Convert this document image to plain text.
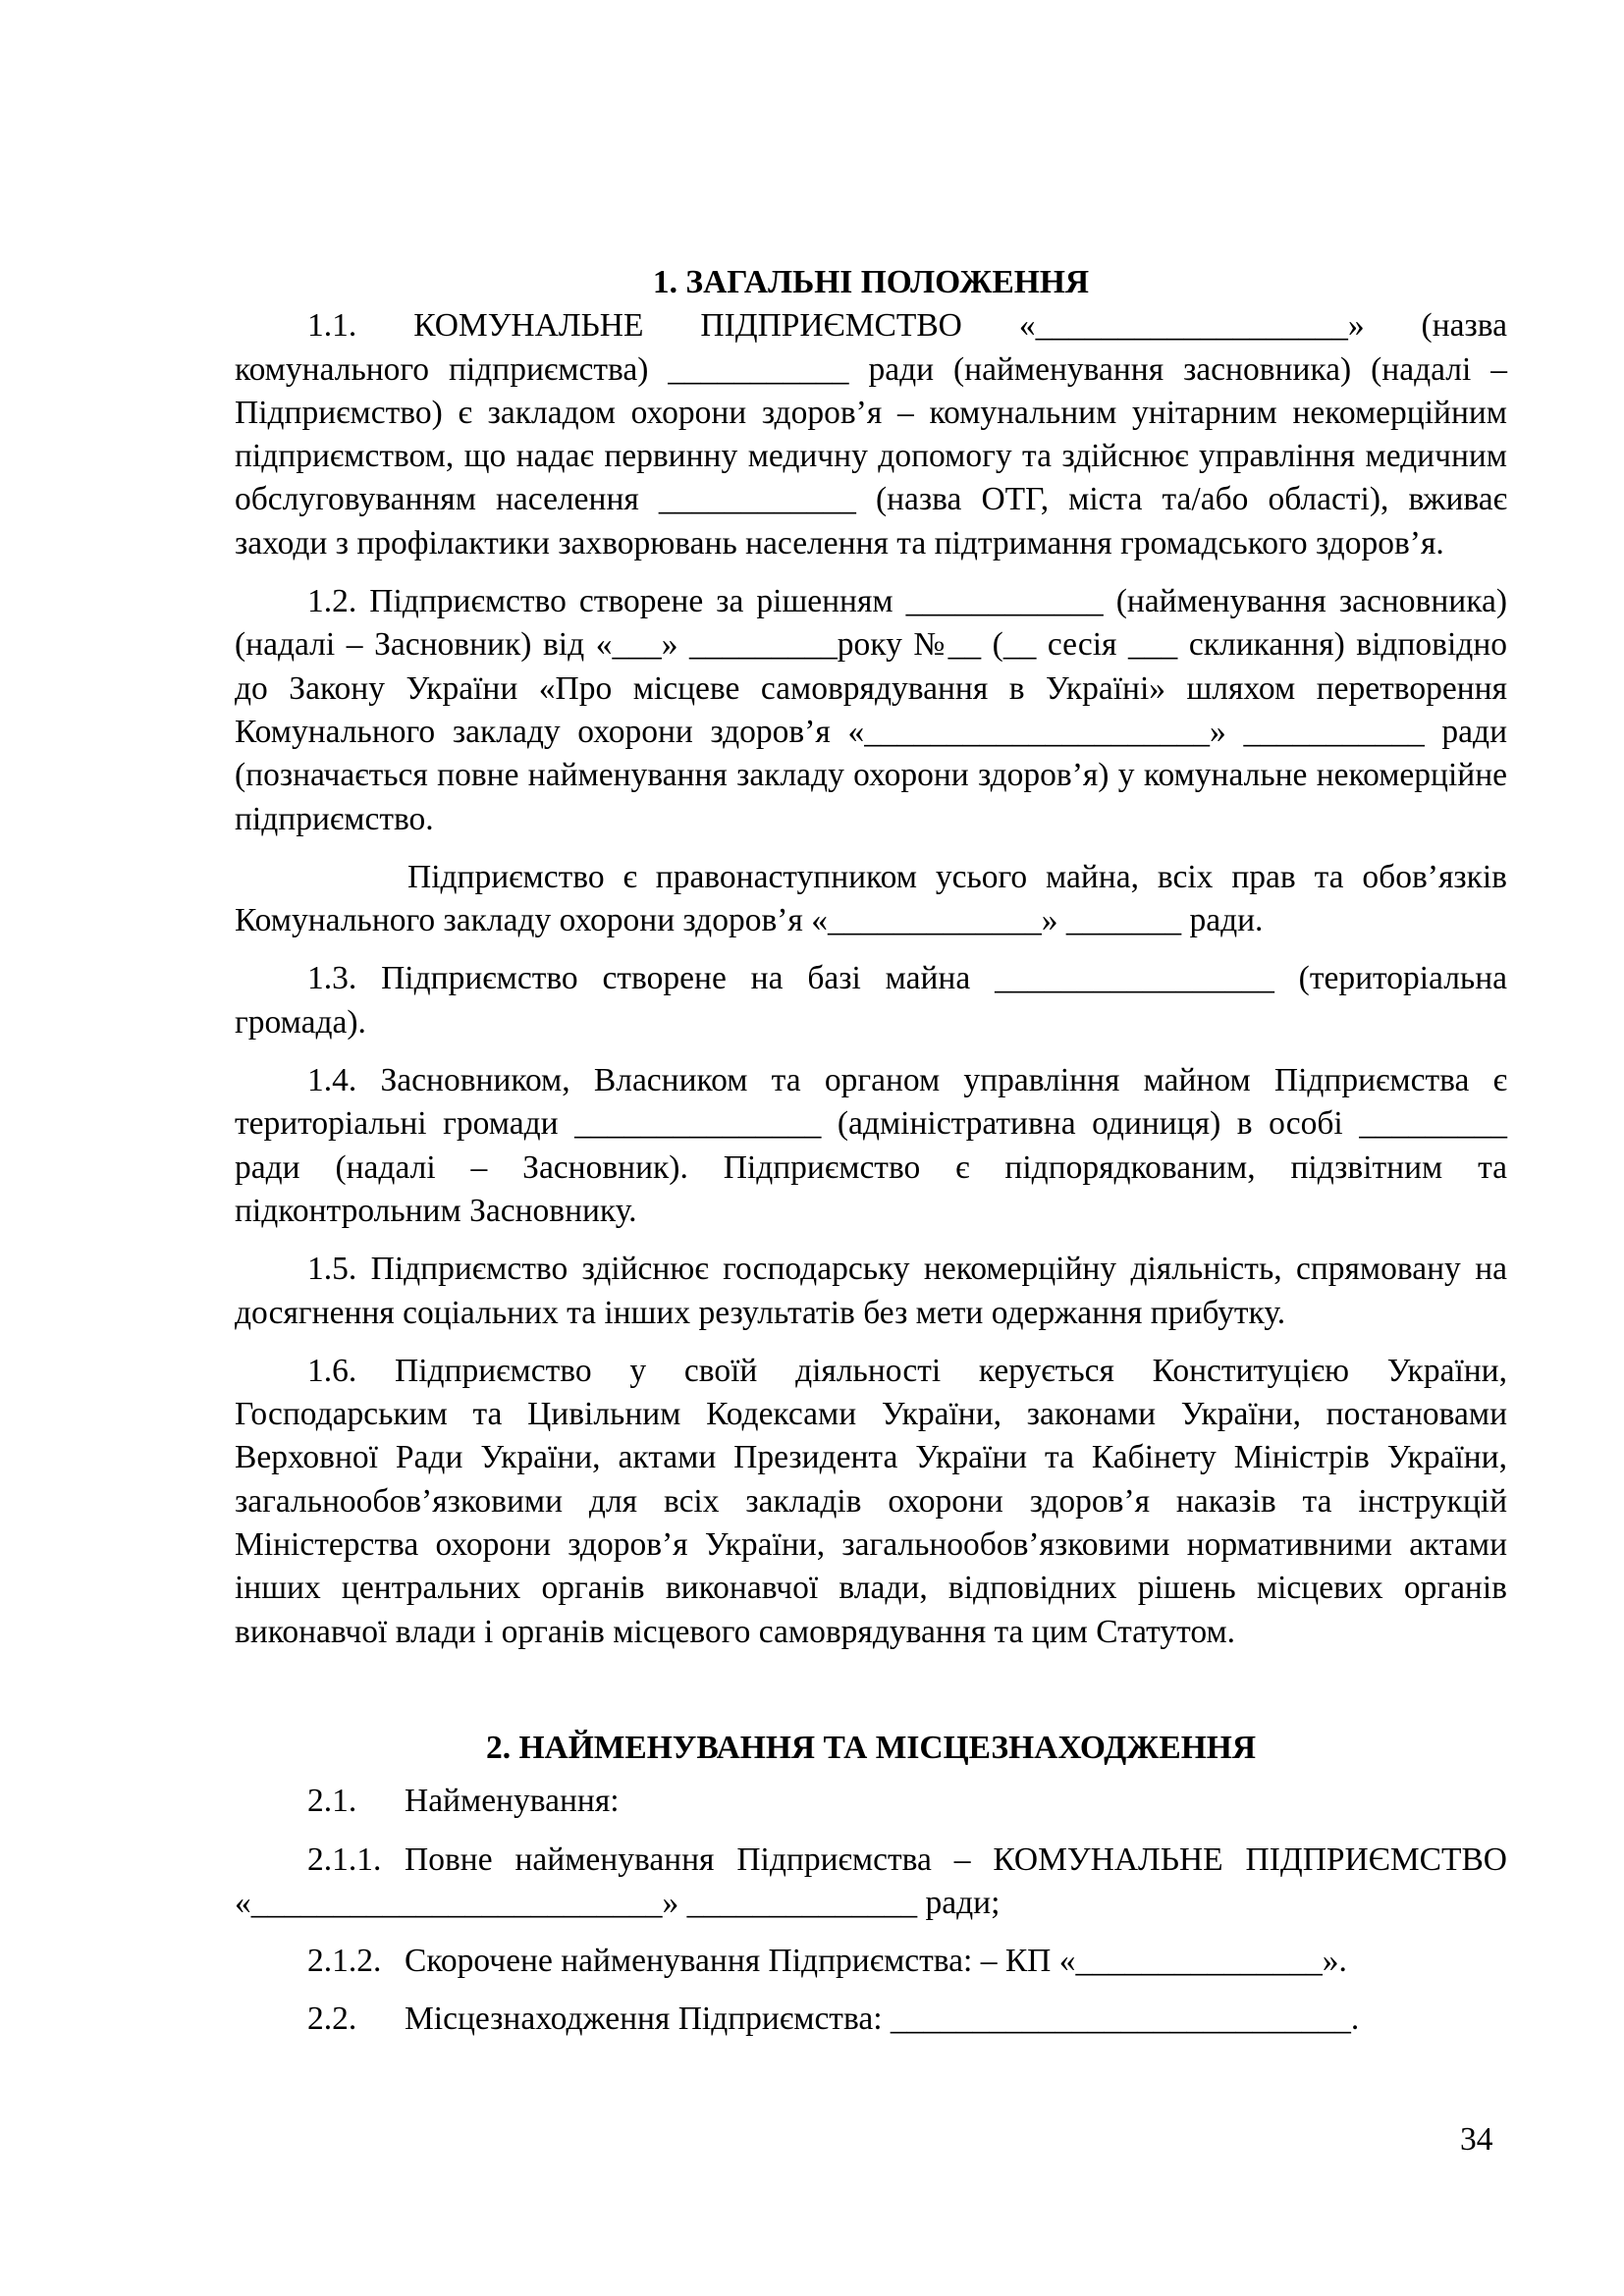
1. ЗАГАЛЬНІ ПОЛОЖЕННЯ

1.1. КОМУНАЛЬНЕ ПІДПРИЄМСТВО «___________________» (назва комунального підприємства) ___________ ради (найменування засновника) (надалі – Підприємство) є закладом охорони здоров’я – комунальним унітарним некомерційним підприємством, що надає первинну медичну допомогу та здійснює управління медичним обслуговуванням населення ____________ (назва ОТГ, міста та/або області), вживає заходи з профілактики захворювань населення та підтримання громадського здоров’я.

1.2. Підприємство створене за рішенням ____________ (найменування засновника) (надалі – Засновник) від «___» _________року №__ (__ сесія ___ скликання) відповідно до Закону України «Про місцеве самоврядування в Україні» шляхом перетворення Комунального закладу охорони здоров’я «_____________________» ___________ ради (позначається повне найменування закладу охорони здоров’я) у комунальне некомерційне підприємство.

Підприємство є правонаступником усього майна, всіх прав та обов’язків Комунального закладу охорони здоров’я «_____________» _______ ради.

1.3. Підприємство створене на базі майна _________________ (територіальна громада).

1.4. Засновником, Власником та органом управління майном Підприємства є територіальні громади _______________ (адміністративна одиниця) в особі _________ ради (надалі – Засновник). Підприємство є підпорядкованим, підзвітним та підконтрольним Засновнику.

1.5. Підприємство здійснює господарську некомерційну діяльність, спрямовану на досягнення соціальних та інших результатів без мети одержання прибутку.

1.6. Підприємство у своїй діяльності керується Конституцією України, Господарським та Цивільним Кодексами України, законами України, постановами Верховної Ради України, актами Президента України та Кабінету Міністрів України, загальнообов’язковими для всіх закладів охорони здоров’я наказів та інструкцій Міністерства охорони здоров’я України, загальнообов’язковими нормативними актами інших центральних органів виконавчої влади, відповідних рішень місцевих органів виконавчої влади і органів місцевого самоврядування та цим Статутом.

2. НАЙМЕНУВАННЯ ТА МІСЦЕЗНАХОДЖЕННЯ
2.1.	Найменування:

2.1.1. Повне найменування Підприємства – КОМУНАЛЬНЕ ПІДПРИЄМСТВО «_________________________» ______________ ради;

2.1.2. Скорочене найменування Підприємства: – КП «_______________».
2.2.	Місцезнаходження Підприємства: ____________________________.
34
